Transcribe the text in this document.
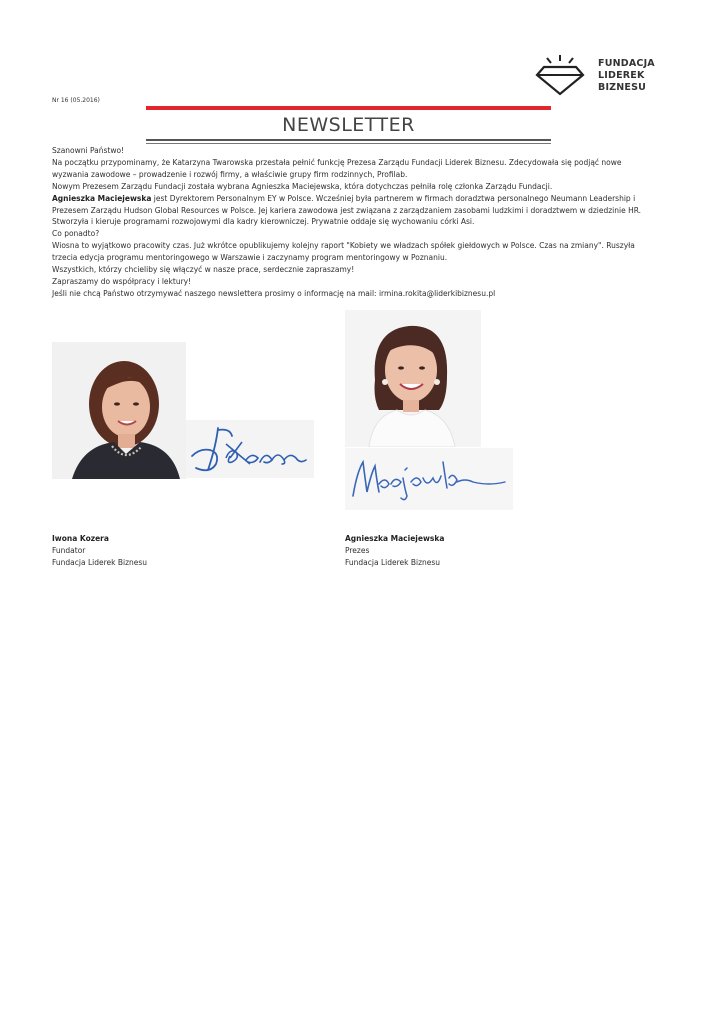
FUNDACJA
LIDEREK
BIZNESU
Nr 16 (05.2016)
NEWSLETTER

Szanowni Państwo!

Na początku przypominamy, że Katarzyna Twarowska przestała pełnić funkcję Prezesa Zarządu Fundacji Liderek Biznesu. Zdecydowała się podjąć nowe

wyzwania zawodowe – prowadzenie i rozwój firmy, a właściwie grupy firm rodzinnych, Profilab.

Nowym Prezesem Zarządu Fundacji została wybrana Agnieszka Maciejewska, która dotychczas pełniła rolę członka Zarządu Fundacji.

Agnieszka Maciejewska jest Dyrektorem Personalnym EY w Polsce. Wcześniej była partnerem w firmach doradztwa personalnego Neumann Leadership i

Prezesem Zarządu Hudson Global Resources w Polsce. Jej kariera zawodowa jest związana z zarządzaniem zasobami ludzkimi i doradztwem w dziedzinie HR.

Stworzyła i kieruje programami rozwojowymi dla kadry kierowniczej. Prywatnie oddaje się wychowaniu córki Asi.

Co ponadto?

Wiosna to wyjątkowo pracowity czas. Już wkrótce opublikujemy kolejny raport "Kobiety we władzach spółek giełdowych w Polsce. Czas na zmiany". Ruszyła

trzecia edycja programu mentoringowego w Warszawie i zaczynamy program mentoringowy w Poznaniu.

Wszystkich, którzy chcieliby się włączyć w nasze prace, serdecznie zapraszamy!

Zapraszamy do współpracy i lektury!

Jeśli nie chcą Państwo otrzymywać naszego newslettera prosimy o informację na mail: irmina.rokita@liderkibiznesu.pl

Iwona Kozera
Fundator
Fundacja Liderek Biznesu
Agnieszka Maciejewska
Prezes
Fundacja Liderek Biznesu
